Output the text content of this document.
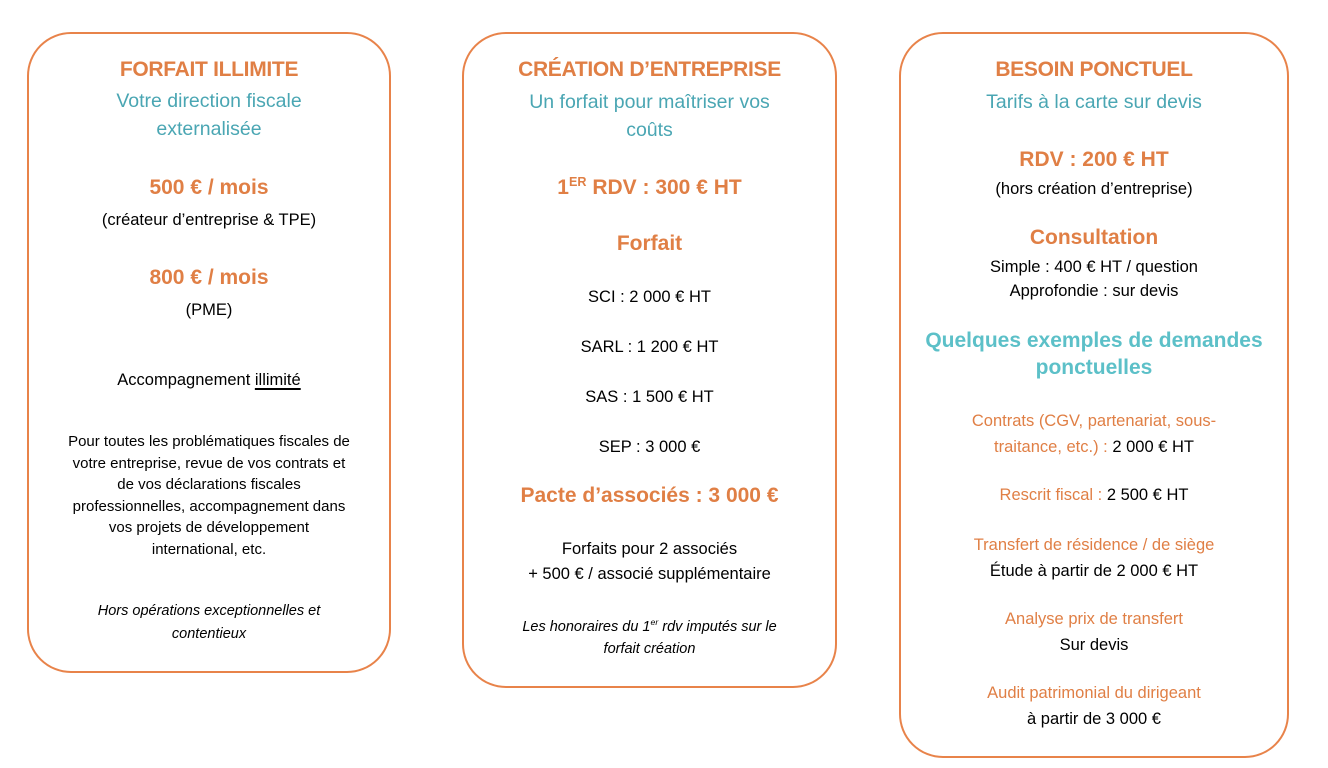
FORFAIT ILLIMITE
Votre direction fiscale
externalisée
500 € / mois
(créateur d’entreprise & TPE)
800 € / mois
(PME)
Accompagnement illimité
Pour toutes les problématiques fiscales de
votre entreprise, revue de vos contrats et
de vos déclarations fiscales
professionnelles, accompagnement dans
vos projets de développement
international, etc.
Hors opérations exceptionnelles et
contentieux
CRÉATION D’ENTREPRISE
Un forfait pour maîtriser vos
coûts
1ER RDV : 300 € HT
Forfait
SCI : 2 000 € HT
SARL : 1 200 € HT
SAS : 1 500 € HT
SEP : 3 000 €
Pacte d’associés : 3 000 €
Forfaits pour 2 associés
+ 500 € / associé supplémentaire
Les honoraires du 1er rdv imputés sur le
forfait création
BESOIN PONCTUEL
Tarifs à la carte sur devis
RDV : 200 € HT
(hors création d’entreprise)
Consultation
Simple : 400 € HT / question
Approfondie : sur devis
Quelques exemples de demandes
ponctuelles
Contrats (CGV, partenariat, sous-
traitance, etc.) : 2 000 € HT
Rescrit fiscal : 2 500 € HT
Transfert de résidence / de siège
Étude à partir de 2 000 € HT
Analyse prix de transfert
Sur devis
Audit patrimonial du dirigeant
à partir de 3 000 €
